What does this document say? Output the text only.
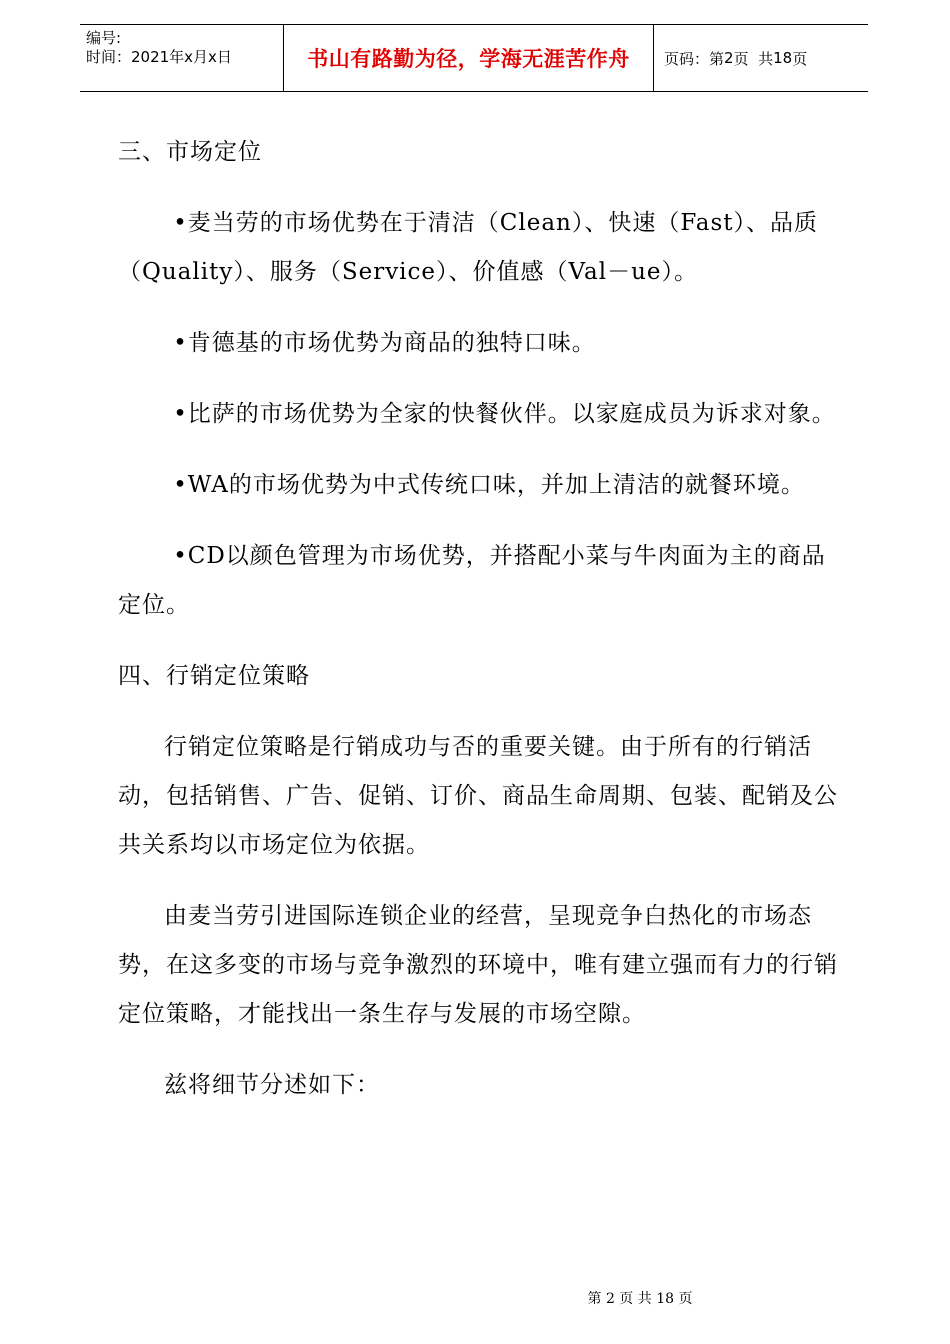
编号:
时间：2021年x月x日	书山有路勤为径，学海无涯苦作舟	页码：第 2 页  共 18 页

三、市场定位

•麦当劳的市场优势在于清洁（Clean）、快速（Fast）、品质（Quality）、服务（Service）、价值感（Val－ue）。

•肯德基的市场优势为商品的独特口味。

•比萨的市场优势为全家的快餐伙伴。以家庭成员为诉求对象。

•WA的市场优势为中式传统口味，并加上清洁的就餐环境。

•CD以颜色管理为市场优势，并搭配小菜与牛肉面为主的商品定位。

四、行销定位策略

行销定位策略是行销成功与否的重要关键。由于所有的行销活动，包括销售、广告、促销、订价、商品生命周期、包装、配销及公共关系均以市场定位为依据。

由麦当劳引进国际连锁企业的经营，呈现竞争白热化的市场态势，在这多变的市场与竞争激烈的环境中，唯有建立强而有力的行销定位策略，才能找出一条生存与发展的市场空隙。

兹将细节分述如下：

第 2 页 共 18 页
